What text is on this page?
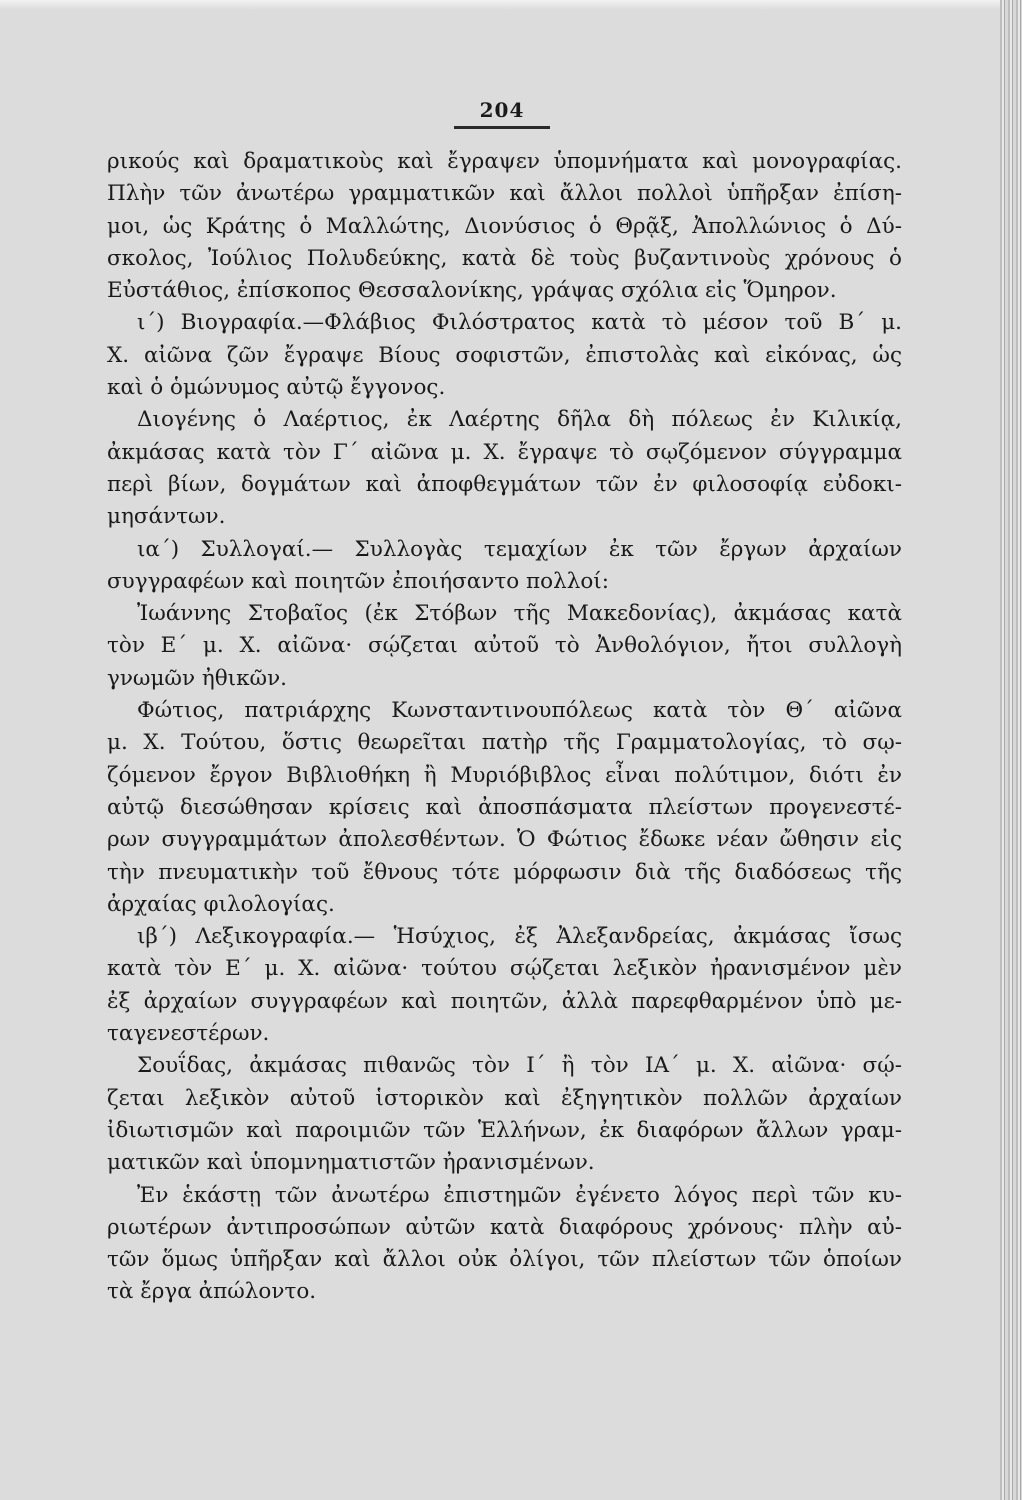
204
ρικούς καὶ δραματικοὺς καὶ ἔγραψεν ὑπομνήματα καὶ μονογραφίας.
Πλὴν τῶν ἀνωτέρω γραμματικῶν καὶ ἄλλοι πολλοὶ ὑπῆρξαν ἐπίση-
μοι, ὡς Κράτης ὁ Μαλλώτης, Διονύσιος ὁ Θρᾷξ, Ἀπολλώνιος ὁ Δύ-
σκολος, Ἰούλιος Πολυδεύκης, κατὰ δὲ τοὺς βυζαντινοὺς χρόνους ὁ
Εὐστάθιος, ἐπίσκοπος Θεσσαλονίκης, γράψας σχόλια εἰς Ὅμηρον.
ι΄) Βιογραφία.—Φλάβιος Φιλόστρατος κατὰ τὸ μέσον τοῦ Β΄ μ.
Χ. αἰῶνα ζῶν ἔγραψε Βίους σοφιστῶν, ἐπιστολὰς καὶ εἰκόνας, ὡς
καὶ ὁ ὁμώνυμος αὐτῷ ἔγγονος.
Διογένης ὁ Λαέρτιος, ἐκ Λαέρτης δῆλα δὴ πόλεως ἐν Κιλικίᾳ,
ἀκμάσας κατὰ τὸν Γ΄ αἰῶνα μ. Χ. ἔγραψε τὸ σῳζόμενον σύγγραμμα
περὶ βίων, δογμάτων καὶ ἀποφθεγμάτων τῶν ἐν φιλοσοφίᾳ εὐδοκι-
μησάντων.
ια΄) Συλλογαί.— Συλλογὰς τεμαχίων ἐκ τῶν ἔργων ἀρχαίων
συγγραφέων καὶ ποιητῶν ἐποιήσαντο πολλοί:
Ἰωάννης Στοβαῖος (ἐκ Στόβων τῆς Μακεδονίας), ἀκμάσας κατὰ
τὸν Ε΄ μ. Χ. αἰῶνα· σῴζεται αὐτοῦ τὸ Ἀνθολόγιον, ἤτοι συλλογὴ
γνωμῶν ἠθικῶν.
Φώτιος, πατριάρχης Κωνσταντινουπόλεως κατὰ τὸν Θ΄ αἰῶνα
μ. Χ. Τούτου, ὅστις θεωρεῖται πατὴρ τῆς Γραμματολογίας, τὸ σῳ-
ζόμενον ἔργον Βιβλιοθήκη ἢ Μυριόβιβλος εἶναι πολύτιμον, διότι ἐν
αὐτῷ διεσώθησαν κρίσεις καὶ ἀποσπάσματα πλείστων προγενεστέ-
ρων συγγραμμάτων ἀπολεσθέντων. Ὁ Φώτιος ἔδωκε νέαν ὤθησιν εἰς
τὴν πνευματικὴν τοῦ ἔθνους τότε μόρφωσιν διὰ τῆς διαδόσεως τῆς
ἀρχαίας φιλολογίας.
ιβ΄) Λεξικογραφία.— Ἡσύχιος, ἐξ Ἀλεξανδρείας, ἀκμάσας ἴσως
κατὰ τὸν Ε΄ μ. Χ. αἰῶνα· τούτου σῴζεται λεξικὸν ἠρανισμένον μὲν
ἐξ ἀρχαίων συγγραφέων καὶ ποιητῶν, ἀλλὰ παρεφθαρμένον ὑπὸ με-
ταγενεστέρων.
Σουΐδας, ἀκμάσας πιθανῶς τὸν Ι΄ ἢ τὸν ΙΑ΄ μ. Χ. αἰῶνα· σῴ-
ζεται λεξικὸν αὐτοῦ ἱστορικὸν καὶ ἐξηγητικὸν πολλῶν ἀρχαίων
ἰδιωτισμῶν καὶ παροιμιῶν τῶν Ἑλλήνων, ἐκ διαφόρων ἄλλων γραμ-
ματικῶν καὶ ὑπομνηματιστῶν ἠρανισμένων.
Ἐν ἑκάστῃ τῶν ἀνωτέρω ἐπιστημῶν ἐγένετο λόγος περὶ τῶν κυ-
ριωτέρων ἀντιπροσώπων αὐτῶν κατὰ διαφόρους χρόνους· πλὴν αὐ-
τῶν ὅμως ὑπῆρξαν καὶ ἄλλοι οὐκ ὀλίγοι, τῶν πλείστων τῶν ὁποίων
τὰ ἔργα ἀπώλοντο.
